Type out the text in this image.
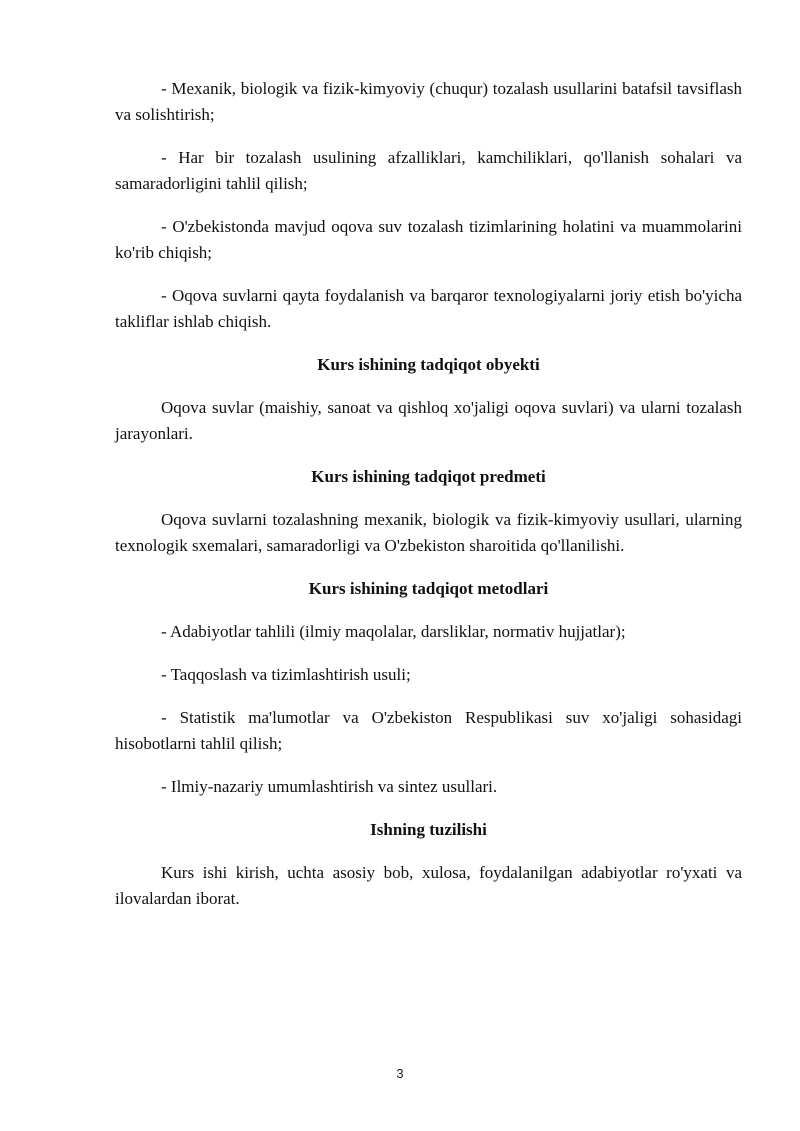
- Mexanik, biologik va fizik-kimyoviy (chuqur) tozalash usullarini batafsil tavsiflash va solishtirish;

- Har bir tozalash usulining afzalliklari, kamchiliklari, qo'llanish sohalari va samaradorligini tahlil qilish;

- O'zbekistonda mavjud oqova suv tozalash tizimlarining holatini va muammolarini ko'rib chiqish;

- Oqova suvlarni qayta foydalanish va barqaror texnologiyalarni joriy etish bo'yicha takliflar ishlab chiqish.

Kurs ishining tadqiqot obyekti

Oqova suvlar (maishiy, sanoat va qishloq xo'jaligi oqova suvlari) va ularni tozalash jarayonlari.

Kurs ishining tadqiqot predmeti

Oqova suvlarni tozalashning mexanik, biologik va fizik-kimyoviy usullari, ularning texnologik sxemalari, samaradorligi va O'zbekiston sharoitida qo'llanilishi.

Kurs ishining tadqiqot metodlari

- Adabiyotlar tahlili (ilmiy maqolalar, darsliklar, normativ hujjatlar);

- Taqqoslash va tizimlashtirish usuli;

- Statistik ma'lumotlar va O'zbekiston Respublikasi suv xo'jaligi sohasidagi hisobotlarni tahlil qilish;

- Ilmiy-nazariy umumlashtirish va sintez usullari.

Ishning tuzilishi

Kurs ishi kirish, uchta asosiy bob, xulosa, foydalanilgan adabiyotlar ro'yxati va ilovalardan iborat.

3
